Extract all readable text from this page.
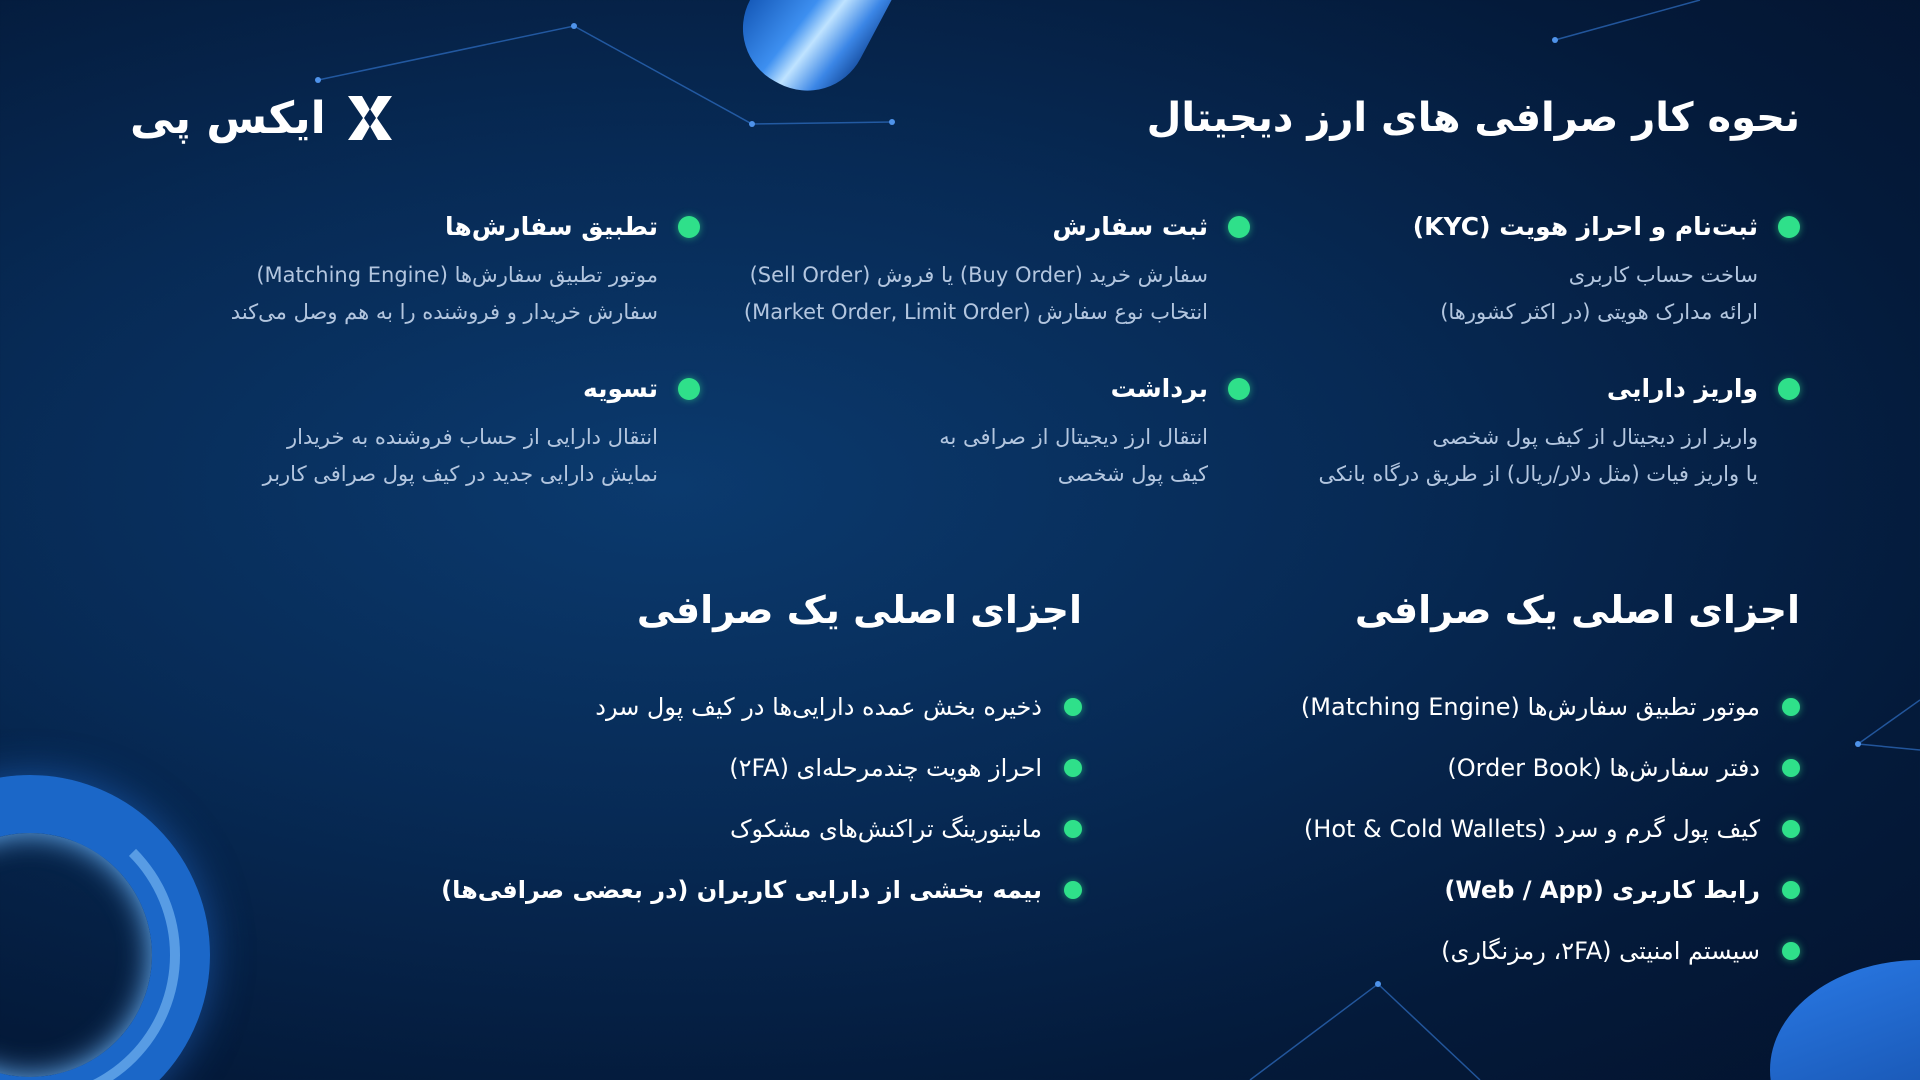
ایکس پی	نحوه کار صرافی های ارز دیجیتال
ثبت‌نام و احراز هویت (KYC)
ساخت حساب کاربری
ارائه مدارک هویتی (در اکثر کشورها)
ثبت سفارش
سفارش خرید (Buy Order) یا فروش (Sell Order)
انتخاب نوع سفارش (Market Order, Limit Order)
تطبیق سفارش‌ها
موتور تطبیق سفارش‌ها (Matching Engine)
سفارش خریدار و فروشنده را به هم وصل می‌کند
واریز دارایی
واریز ارز دیجیتال از کیف پول شخصی
یا واریز فیات (مثل دلار/ریال) از طریق درگاه بانکی
برداشت
انتقال ارز دیجیتال از صرافی به
کیف پول شخصی
تسویه
انتقال دارایی از حساب فروشنده به خریدار
نمایش دارایی جدید در کیف پول صرافی کاربر
اجزای اصلی یک صرافی
موتور تطبیق سفارش‌ها (Matching Engine)
دفتر سفارش‌ها (Order Book)
کیف پول گرم و سرد (Hot & Cold Wallets)
رابط کاربری (Web / App)
سیستم امنیتی (۲FA، رمزنگاری)
اجزای اصلی یک صرافی
ذخیره بخش عمده دارایی‌ها در کیف پول سرد
احراز هویت چندمرحله‌ای (۲FA)
مانیتورینگ تراکنش‌های مشکوک
بیمه بخشی از دارایی کاربران (در بعضی صرافی‌ها)
